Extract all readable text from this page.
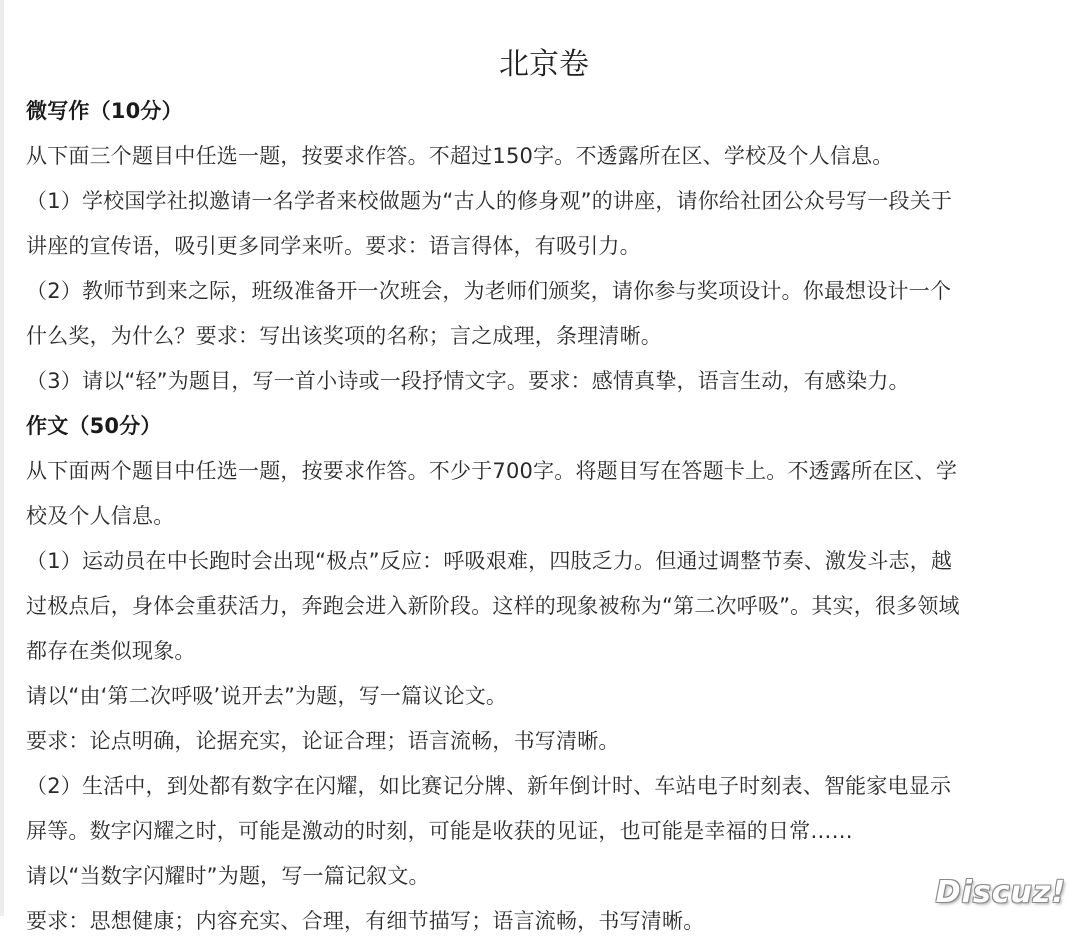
北京卷
微写作（10分）
从下面三个题目中任选一题，按要求作答。不超过150字。不透露所在区、学校及个人信息。
（1）学校国学社拟邀请一名学者来校做题为“古人的修身观”的讲座，请你给社团公众号写一段关于
讲座的宣传语，吸引更多同学来听。要求：语言得体，有吸引力。
（2）教师节到来之际，班级准备开一次班会，为老师们颁奖，请你参与奖项设计。你最想设计一个
什么奖，为什么？要求：写出该奖项的名称；言之成理，条理清晰。
（3）请以“轻”为题目，写一首小诗或一段抒情文字。要求：感情真挚，语言生动，有感染力。
作文（50分）
从下面两个题目中任选一题，按要求作答。不少于700字。将题目写在答题卡上。不透露所在区、学
校及个人信息。
（1）运动员在中长跑时会出现“极点”反应：呼吸艰难，四肢乏力。但通过调整节奏、激发斗志，越
过极点后，身体会重获活力，奔跑会进入新阶段。这样的现象被称为“第二次呼吸”。其实，很多领域
都存在类似现象。
请以“由‘第二次呼吸’说开去”为题，写一篇议论文。
要求：论点明确，论据充实，论证合理；语言流畅，书写清晰。
（2）生活中，到处都有数字在闪耀，如比赛记分牌、新年倒计时、车站电子时刻表、智能家电显示
屏等。数字闪耀之时，可能是激动的时刻，可能是收获的见证，也可能是幸福的日常……
请以“当数字闪耀时”为题，写一篇记叙文。
要求：思想健康；内容充实、合理，有细节描写；语言流畅，书写清晰。
Discuz!
